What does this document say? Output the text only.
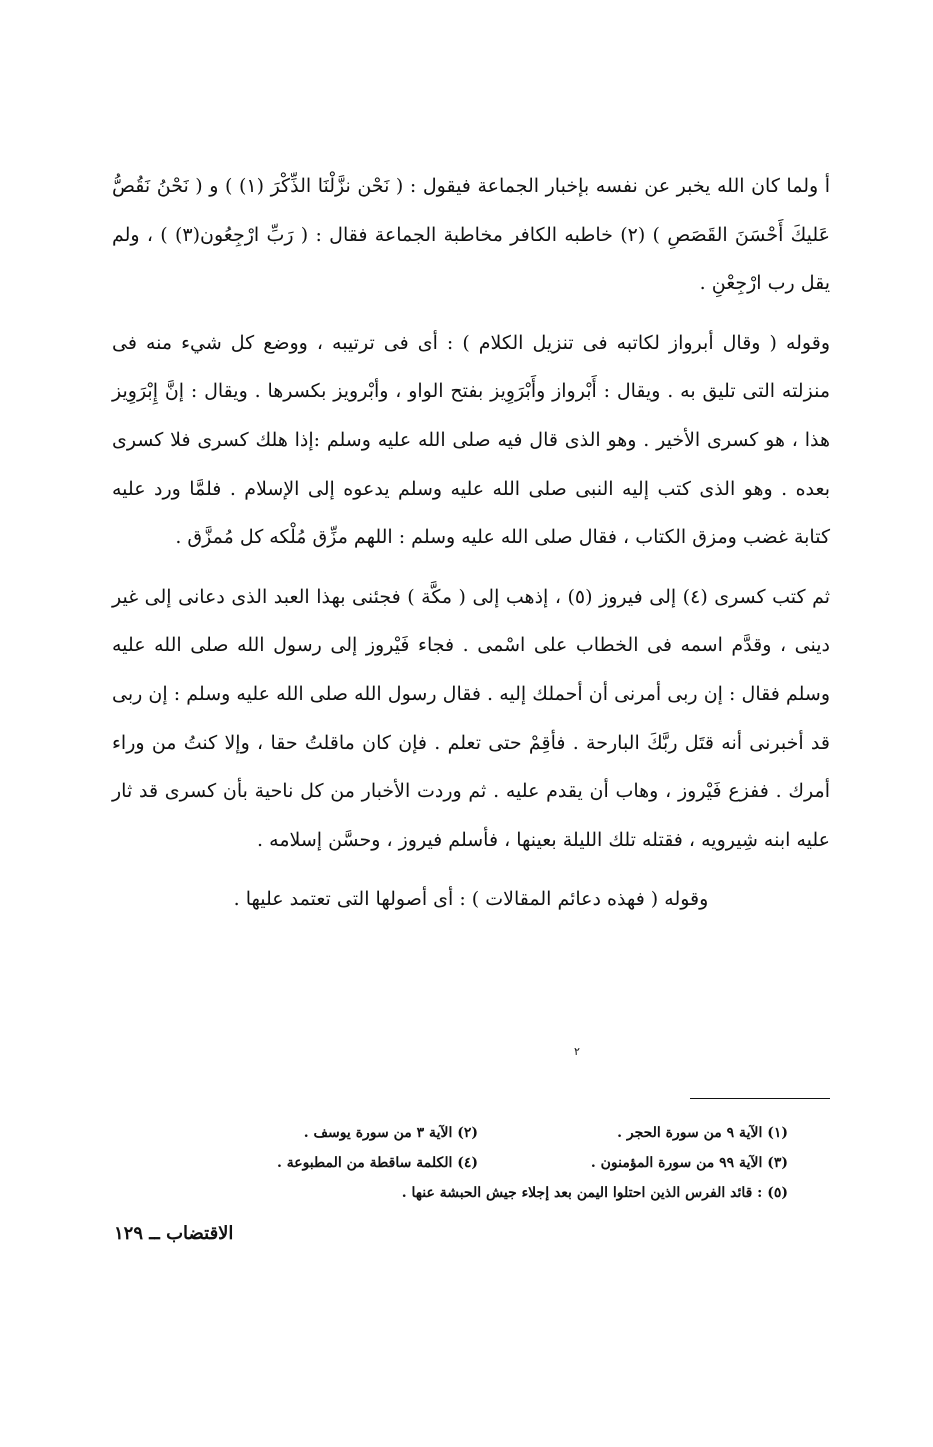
أ ولما كان الله يخبر عن نفسه بإخبار الجماعة فيقول : ( نَحْن نزَّلْنَا الذِّكْرَ (١) ) و ( نَحْنُ نَقُصُّ عَليكَ أَحْسَنَ القَصَصِ ) (٢) خاطبه الكافر مخاطبة الجماعة فقال : ( رَبِّ ارْجِعُون(٣) ) ، ولم يقل رب ارْجِعْنِ .

وقوله ( وقال أبرواز لكاتبه فى تنزيل الكلام ) : أى فى ترتيبه ، ووضع كل شيء منه فى منزلته التى تليق به . ويقال : أَبْرواز وأَبْرَوِيز بفتح الواو ، وأبْرويز بكسرها . ويقال : إنَّ إِبْرَوِيز هذا ، هو كسرى الأخير . وهو الذى قال فيه صلى الله عليه وسلم :إذا هلك كسرى فلا كسرى بعده . وهو الذى كتب إليه النبى صلى الله عليه وسلم يدعوه إلى الإسلام . فلمَّا ورد عليه كتابة غضب ومزق الكتاب ، فقال صلى الله عليه وسلم : اللهم مزِّق مُلْكه كل مُمزَّق .

ثم كتب كسرى (٤) إلى فيروز (٥) ، إذهب إلى ( مكَّة ) فجئنى بهذا العبد الذى دعانى إلى غير دينى ، وقدَّم اسمه فى الخطاب على اسْمى . فجاء فَيْروز إلى رسول الله صلى الله عليه وسلم فقال : إن ربى أمرنى أن أحملك إليه . فقال رسول الله صلى الله عليه وسلم : إن ربى قد أخبرنى أنه قتَل ربَّكَ البارحة . فأقِمْ حتى تعلم . فإن كان ماقلتُ حقا ، وإلا كنتُ من وراء أمرك . ففزع فَيْروز ، وهاب أن يقدم عليه . ثم وردت الأخبار من كل ناحية بأن كسرى قد ثار عليه ابنه شِيرويه ، فقتله تلك الليلة بعينها ، فأسلم فيروز ، وحسَّن إسلامه .

وقوله ( فهذه دعائم المقالات ) : أى أصولها التى تعتمد عليها .

٢
(١) الآية ٩ من سورة الحجر .
(٢) الآية ٣ من سورة يوسف .
(٣) الآية ٩٩ من سورة المؤمنون .
(٤) الكلمة ساقطة من المطبوعة .
(٥) : قائد الفرس الذين احتلوا اليمن بعد إجلاء جيش الحبشة عنها .
الاقتضاب ــ ١٢٩
